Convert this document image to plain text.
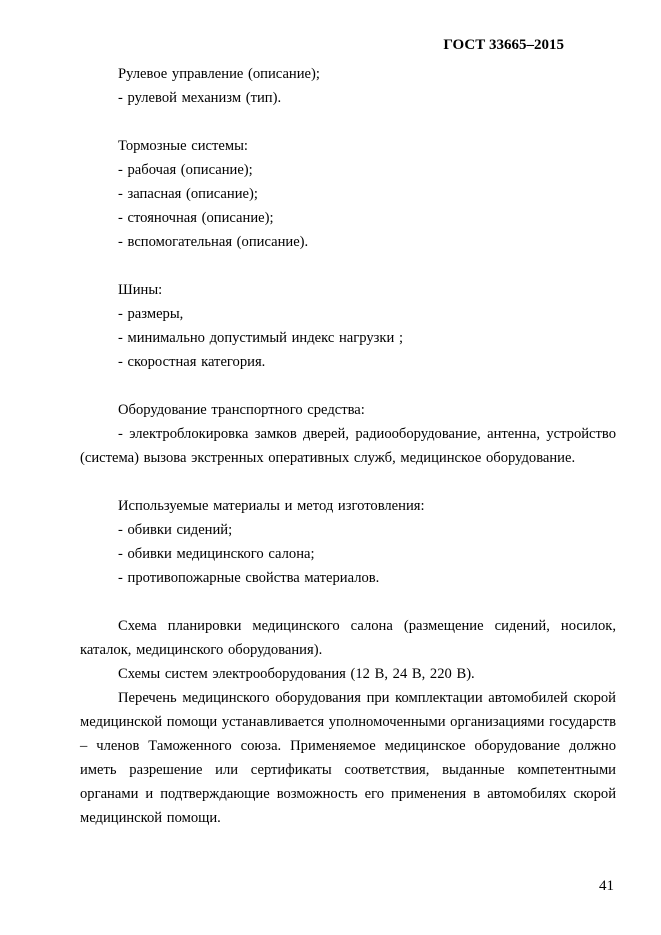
ГОСТ 33665–2015

Рулевое управление (описание);

- рулевой механизм (тип).

Тормозные системы:

- рабочая (описание);

- запасная (описание);

- стояночная (описание);

- вспомогательная (описание).

Шины:

- размеры,

- минимально допустимый индекс нагрузки ;

- скоростная категория.

Оборудование транспортного средства:

- электроблокировка замков дверей, радиооборудование, антенна, устройство (система) вызова экстренных оперативных служб, медицинское оборудование.

Используемые материалы и метод изготовления:

- обивки сидений;

- обивки медицинского салона;

- противопожарные свойства материалов.

Схема планировки медицинского салона (размещение сидений, носилок, каталок, медицинского оборудования).

Схемы систем электрооборудования (12 В, 24 В, 220 В).

Перечень медицинского оборудования при комплектации автомобилей скорой медицинской помощи устанавливается уполномоченными организациями государств – членов Таможенного союза. Применяемое медицинское оборудование должно иметь разрешение или сертификаты соответствия, выданные компетентными органами и подтверждающие возможность его применения в автомобилях скорой медицинской помощи.

41
